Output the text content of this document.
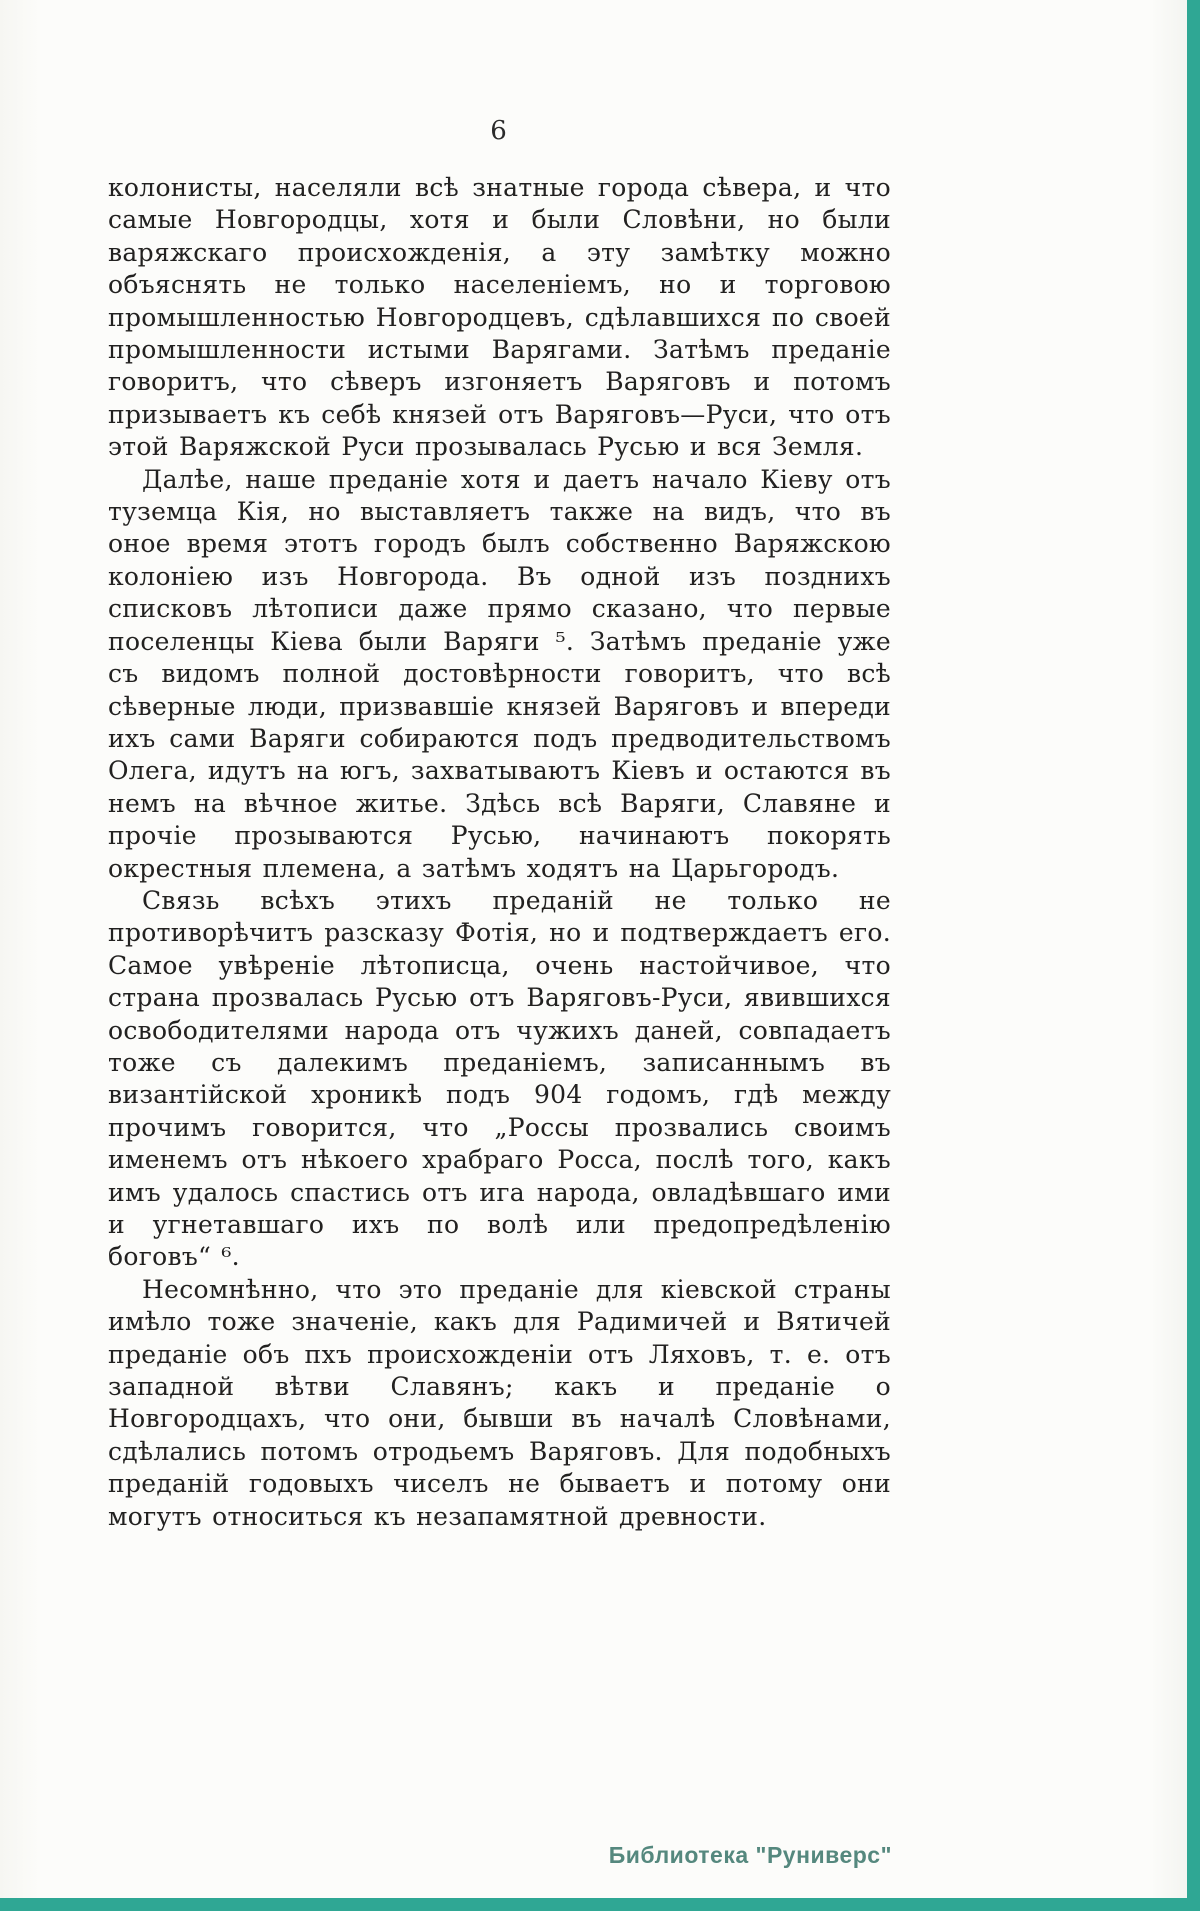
6

колонисты, населяли всѣ знатные города сѣвера, и что самые Новгородцы, хотя и были Словѣни, но были варяжскаго происхожденія, а эту замѣтку можно объяснять не только населеніемъ, но и торговою промышленностью Новгородцевъ, сдѣлавшихся по своей промышленности истыми Варягами. Затѣмъ преданіе говоритъ, что сѣверъ изгоняетъ Варяговъ и потомъ призываетъ къ себѣ князей отъ Варяговъ—Руси, что отъ этой Варяжской Руси прозывалась Русью и вся Земля.

Далѣе, наше преданіе хотя и даетъ начало Кіеву отъ туземца Кія, но выставляетъ также на видъ, что въ оное время этотъ городъ былъ собственно Варяжскою колоніею изъ Новгорода. Въ одной изъ позднихъ списковъ лѣтописи даже прямо сказано, что первые поселенцы Кіева были Варяги ⁵. Затѣмъ преданіе уже съ видомъ полной достовѣрности говоритъ, что всѣ сѣверные люди, призвавшіе князей Варяговъ и впереди ихъ сами Варяги собираются подъ предводительствомъ Олега, идутъ на югъ, захватываютъ Кіевъ и остаются въ немъ на вѣчное житье. Здѣсь всѣ Варяги, Славяне и прочіе прозываются Русью, начинаютъ покорять окрестныя племена, а затѣмъ ходятъ на Царьгородъ.

Связь всѣхъ этихъ преданій не только не противорѣчитъ разсказу Фотія, но и подтверждаетъ его. Самое увѣреніе лѣтописца, очень настойчивое, что страна прозвалась Русью отъ Варяговъ-Руси, явившихся освободителями народа отъ чужихъ даней, совпадаетъ тоже съ далекимъ преданіемъ, записаннымъ въ византійской хроникѣ подъ 904 годомъ, гдѣ между прочимъ говорится, что „Россы прозвались своимъ именемъ отъ нѣкоего храбраго Росса, послѣ того, какъ имъ удалось спастись отъ ига народа, овладѣвшаго ими и угнетавшаго ихъ по волѣ или предопредѣленію боговъ“ ⁶.

Несомнѣнно, что это преданіе для кіевской страны имѣло тоже значеніе, какъ для Радимичей и Вятичей преданіе объ пхъ происхожденіи отъ Ляховъ, т. е. отъ западной вѣтви Славянъ; какъ и преданіе о Новгородцахъ, что они, бывши въ началѣ Словѣнами, сдѣлались потомъ отродьемъ Варяговъ. Для подобныхъ преданій годовыхъ чиселъ не бываетъ и потому они могутъ относиться къ незапамятной древности.

Библиотека "Руниверс"
